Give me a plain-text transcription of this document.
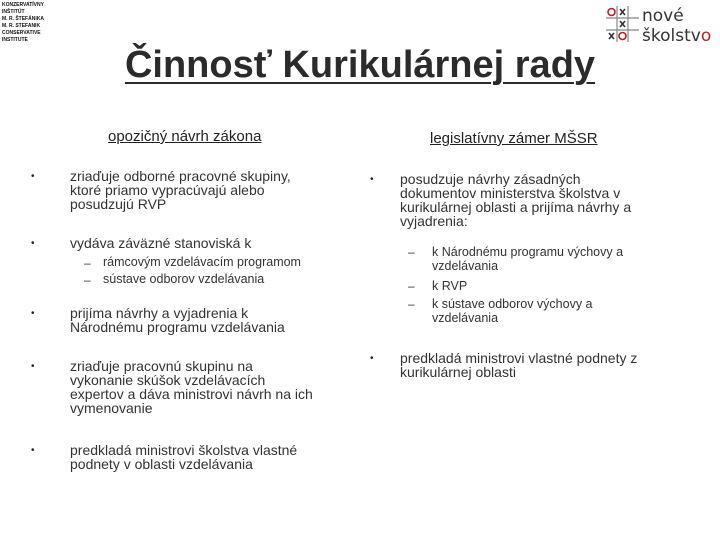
KONZERVATÍVNY
INŠTITÚT
M. R. ŠTEFÁNIKA
M. R. STEFANIK
CONSERVATIVE
INSTITUTE
nové
školstvo
Činnosť Kurikulárnej rady
opozičný návrh zákona	legislatívny zámer MŠSR
•	zriaďuje odborné pracovné skupiny,
ktoré priamo vypracúvajú alebo
posudzujú RVP
•	vydáva záväzné stanoviská k
– rámcovým vzdelávacím programom
– sústave odborov vzdelávania
•	prijíma návrhy a vyjadrenia k
Národnému programu vzdelávania
•	zriaďuje pracovnú skupinu na
vykonanie skúšok vzdelávacích
expertov a dáva ministrovi návrh na ich
vymenovanie
•	predkladá ministrovi školstva vlastné
podnety v oblasti vzdelávania
• posudzuje návrhy zásadných
dokumentov ministerstva školstva v
kurikulárnej oblasti a prijíma návrhy a
vyjadrenia:
– k Národnému programu výchovy a
vzdelávania
– k RVP
– k sústave odborov výchovy a
vzdelávania
• predkladá ministrovi vlastné podnety z
kurikulárnej oblasti
